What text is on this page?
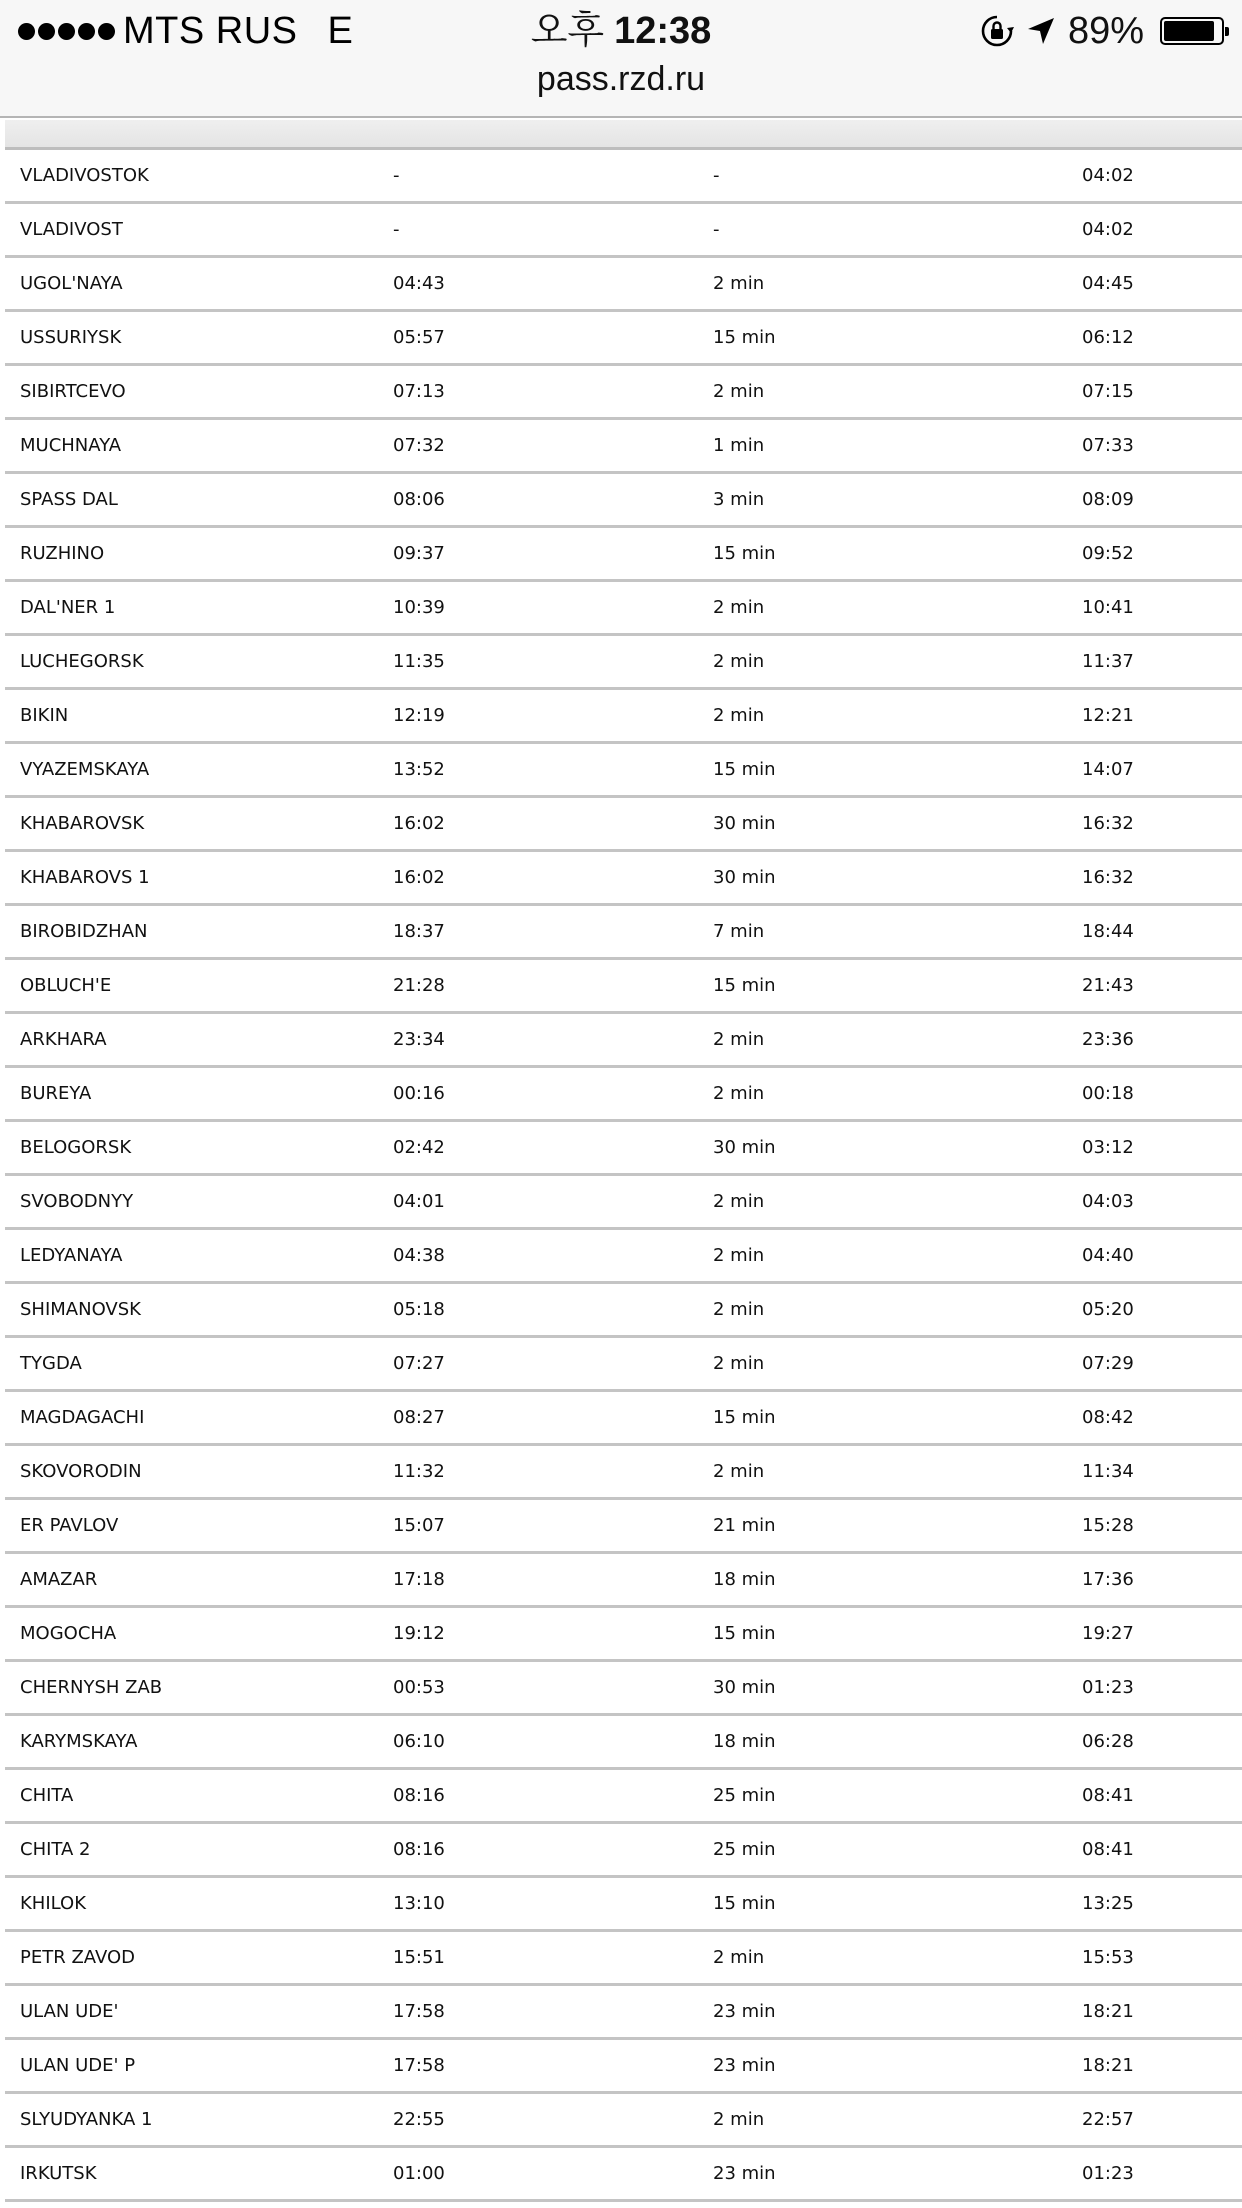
MTS RUS E	오후 12:38
pass.rzd.ru
89%
VLADIVOSTOK	-	-	04:02
VLADIVOST	-	-	04:02
UGOL'NAYA	04:43	2 min	04:45
USSURIYSK	05:57	15 min	06:12
SIBIRTCEVO	07:13	2 min	07:15
MUCHNAYA	07:32	1 min	07:33
SPASS DAL	08:06	3 min	08:09
RUZHINO	09:37	15 min	09:52
DAL'NER 1	10:39	2 min	10:41
LUCHEGORSK	11:35	2 min	11:37
BIKIN	12:19	2 min	12:21
VYAZEMSKAYA	13:52	15 min	14:07
KHABAROVSK	16:02	30 min	16:32
KHABAROVS 1	16:02	30 min	16:32
BIROBIDZHAN	18:37	7 min	18:44
OBLUCH'E	21:28	15 min	21:43
ARKHARA	23:34	2 min	23:36
BUREYA	00:16	2 min	00:18
BELOGORSK	02:42	30 min	03:12
SVOBODNYY	04:01	2 min	04:03
LEDYANAYA	04:38	2 min	04:40
SHIMANOVSK	05:18	2 min	05:20
TYGDA	07:27	2 min	07:29
MAGDAGACHI	08:27	15 min	08:42
SKOVORODIN	11:32	2 min	11:34
ER PAVLOV	15:07	21 min	15:28
AMAZAR	17:18	18 min	17:36
MOGOCHA	19:12	15 min	19:27
CHERNYSH ZAB	00:53	30 min	01:23
KARYMSKAYA	06:10	18 min	06:28
CHITA	08:16	25 min	08:41
CHITA 2	08:16	25 min	08:41
KHILOK	13:10	15 min	13:25
PETR ZAVOD	15:51	2 min	15:53
ULAN UDE'	17:58	23 min	18:21
ULAN UDE' P	17:58	23 min	18:21
SLYUDYANKA 1	22:55	2 min	22:57
IRKUTSK	01:00	23 min	01:23
